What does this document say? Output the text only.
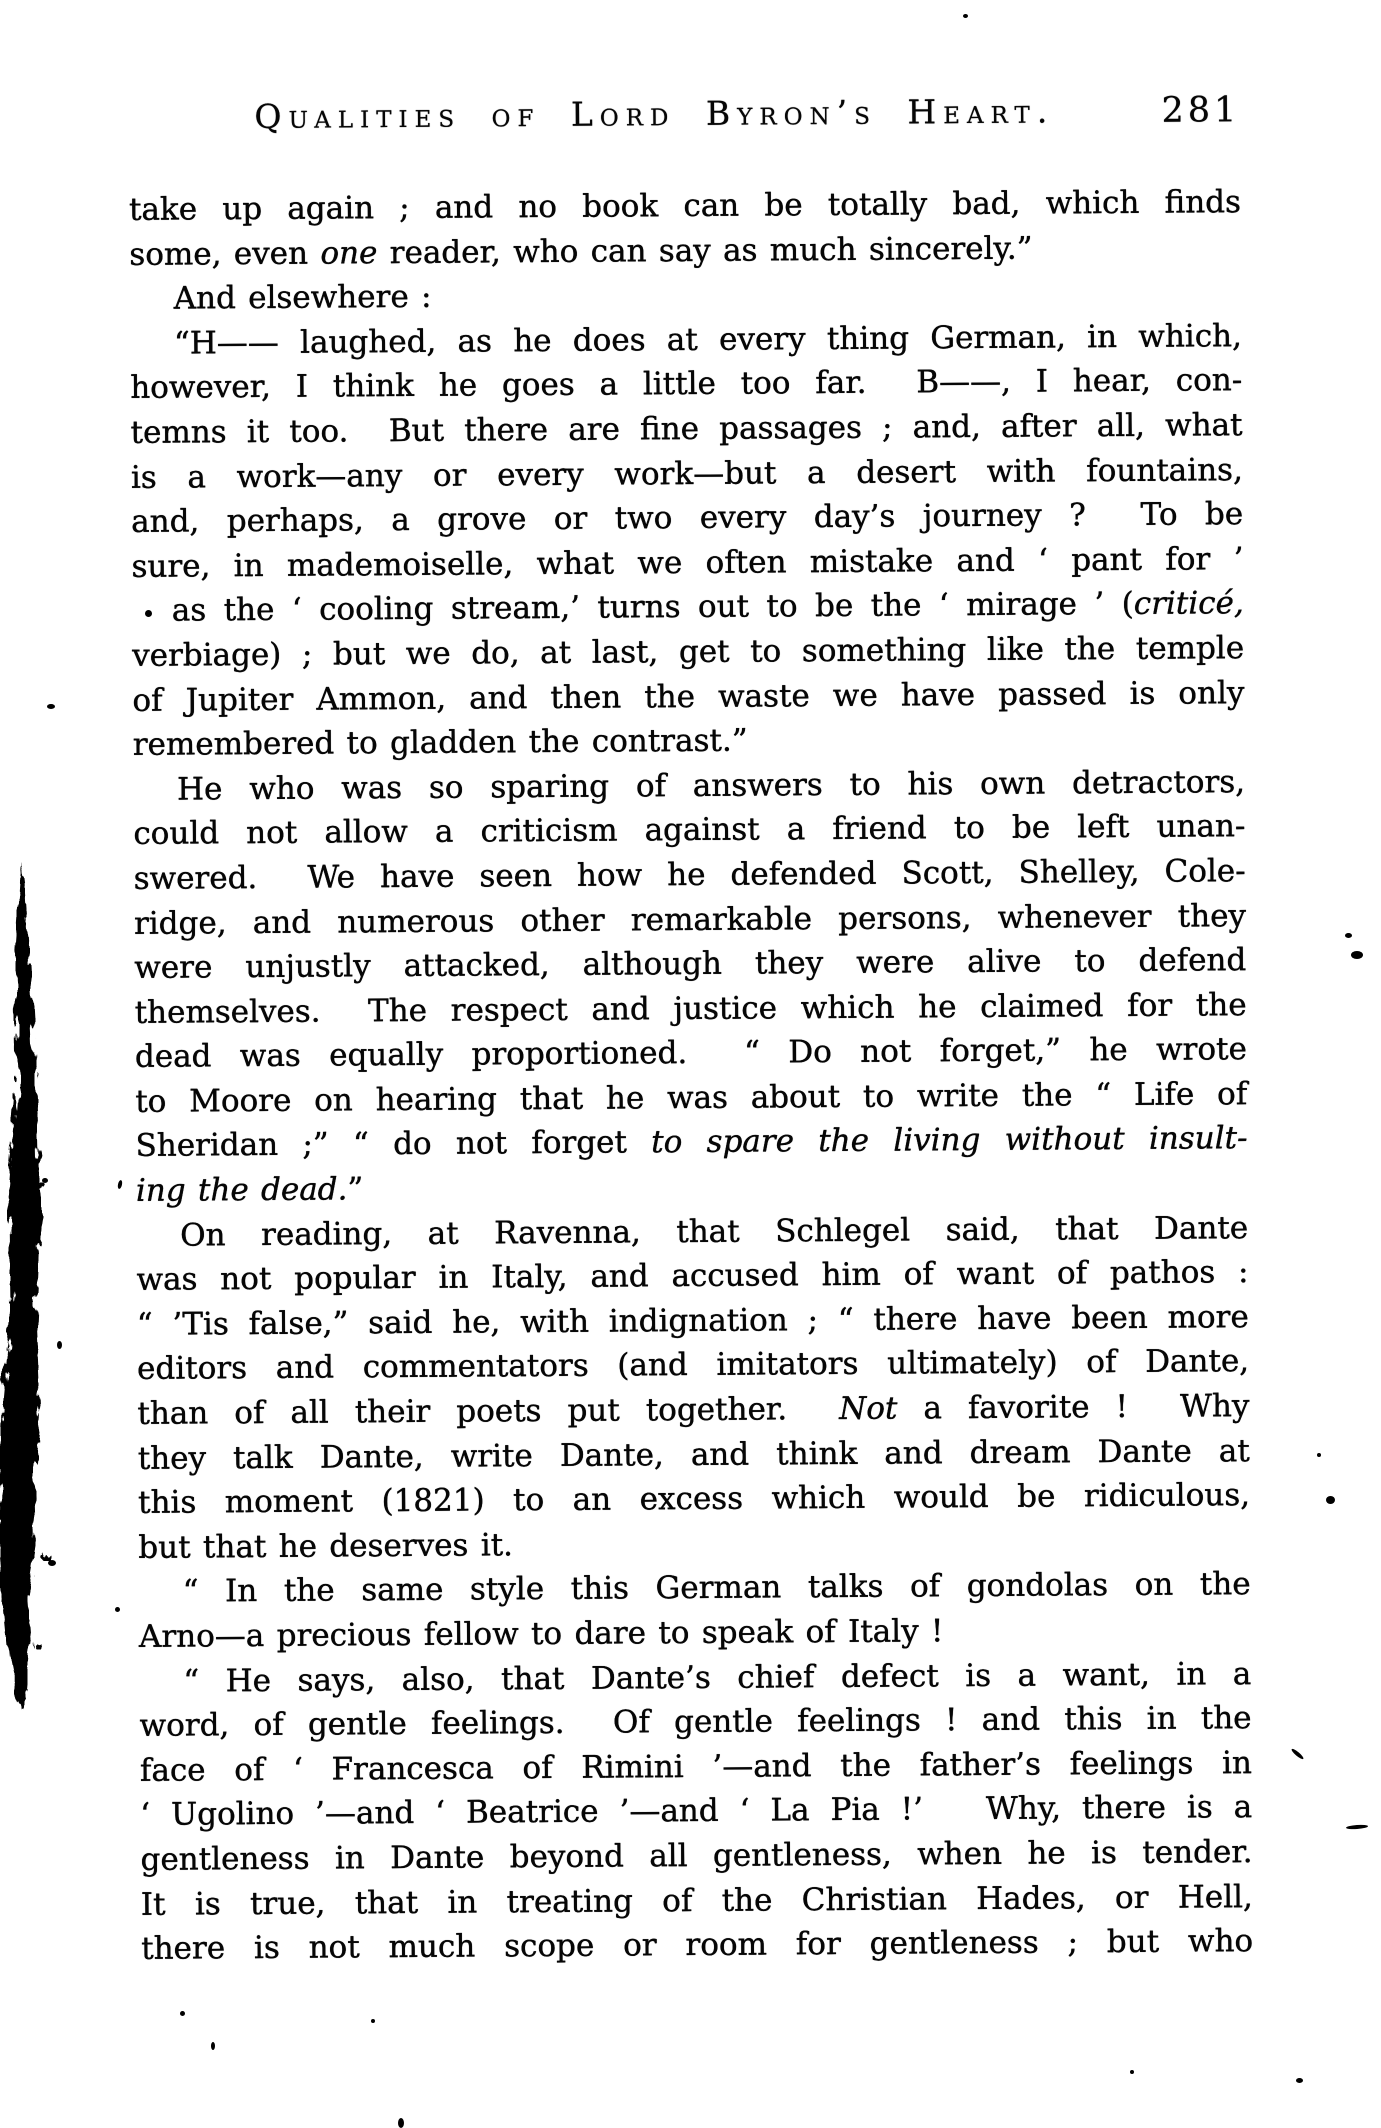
Qualities of Lord Byron’s Heart.	281
take up again ; and no book can be totally bad, which finds
some, even one reader, who can say as much sincerely.”
And elsewhere :
“H—— laughed, as he does at every thing German, in which,
however, I think he goes a little too far.  B——, I hear, con-
temns it too.  But there are fine passages ; and, after all, what
is a work—any or every work—but a desert with fountains,
and, perhaps, a grove or two every day’s journey ?  To be
sure, in mademoiselle, what we often mistake and ‘ pant for ’
as the ‘ cooling stream,’ turns out to be the ‘ mirage ’ (criticé,
verbiage) ; but we do, at last, get to something like the temple
of Jupiter Ammon, and then the waste we have passed is only
remembered to gladden the contrast.”
He who was so sparing of answers to his own detractors,
could not allow a criticism against a friend to be left unan-
swered.  We have seen how he defended Scott, Shelley, Cole-
ridge, and numerous other remarkable persons, whenever they
were unjustly attacked, although they were alive to defend
themselves.  The respect and justice which he claimed for the
dead was equally proportioned.  “ Do not forget,” he wrote
to Moore on hearing that he was about to write the “ Life of
Sheridan ;” “ do not forget to spare the living without insult-
ing the dead.”
On reading, at Ravenna, that Schlegel said, that Dante
was not popular in Italy, and accused him of want of pathos :
“ ’Tis false,” said he, with indignation ; “ there have been more
editors and commentators (and imitators ultimately) of Dante,
than of all their poets put together.  Not a favorite !  Why
they talk Dante, write Dante, and think and dream Dante at
this moment (1821) to an excess which would be ridiculous,
but that he deserves it.
“ In the same style this German talks of gondolas on the
Arno—a precious fellow to dare to speak of Italy !
“ He says, also, that Dante’s chief defect is a want, in a
word, of gentle feelings.  Of gentle feelings ! and this in the
face of ‘ Francesca of Rimini ’—and the father’s feelings in
‘ Ugolino ’—and ‘ Beatrice ’—and ‘ La Pia !’   Why, there is a
gentleness in Dante beyond all gentleness, when he is tender.
It is true, that in treating of the Christian Hades, or Hell,
there is not much scope or room for gentleness ; but who
